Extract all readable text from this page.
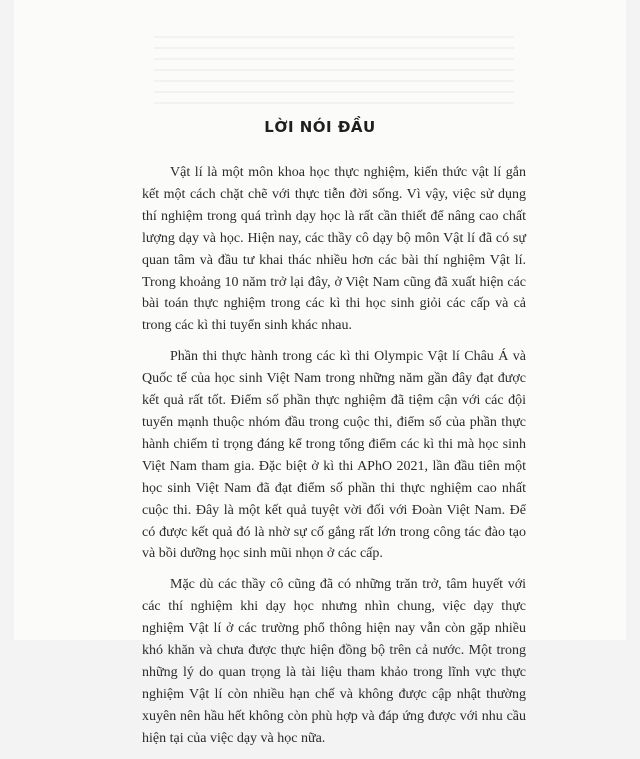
LỜI NÓI ĐẦU

Vật lí là một môn khoa học thực nghiệm, kiến thức vật lí gắn kết một cách chặt chẽ với thực tiễn đời sống. Vì vậy, việc sử dụng thí nghiệm trong quá trình dạy học là rất cần thiết để nâng cao chất lượng dạy và học. Hiện nay, các thầy cô dạy bộ môn Vật lí đã có sự quan tâm và đầu tư khai thác nhiều hơn các bài thí nghiệm Vật lí. Trong khoảng 10 năm trở lại đây, ở Việt Nam cũng đã xuất hiện các bài toán thực nghiệm trong các kì thi học sinh giỏi các cấp và cả trong các kì thi tuyển sinh khác nhau.

Phần thi thực hành trong các kì thi Olympic Vật lí Châu Á và Quốc tế của học sinh Việt Nam trong những năm gần đây đạt được kết quả rất tốt. Điểm số phần thực nghiệm đã tiệm cận với các đội tuyển mạnh thuộc nhóm đầu trong cuộc thi, điểm số của phần thực hành chiếm tỉ trọng đáng kể trong tổng điểm các kì thi mà học sinh Việt Nam tham gia. Đặc biệt ở kì thi APhO 2021, lần đầu tiên một học sinh Việt Nam đã đạt điểm số phần thi thực nghiệm cao nhất cuộc thi. Đây là một kết quả tuyệt vời đối với Đoàn Việt Nam. Để có được kết quả đó là nhờ sự cố gắng rất lớn trong công tác đào tạo và bồi dưỡng học sinh mũi nhọn ở các cấp.

Mặc dù các thầy cô cũng đã có những trăn trở, tâm huyết với các thí nghiệm khi dạy học nhưng nhìn chung, việc dạy thực nghiệm Vật lí ở các trường phổ thông hiện nay vẫn còn gặp nhiều khó khăn và chưa được thực hiện đồng bộ trên cả nước. Một trong những lý do quan trọng là tài liệu tham khảo trong lĩnh vực thực nghiệm Vật lí còn nhiều hạn chế và không được cập nhật thường xuyên nên hầu hết không còn phù hợp và đáp ứng được với nhu cầu hiện tại của việc dạy và học nữa.
